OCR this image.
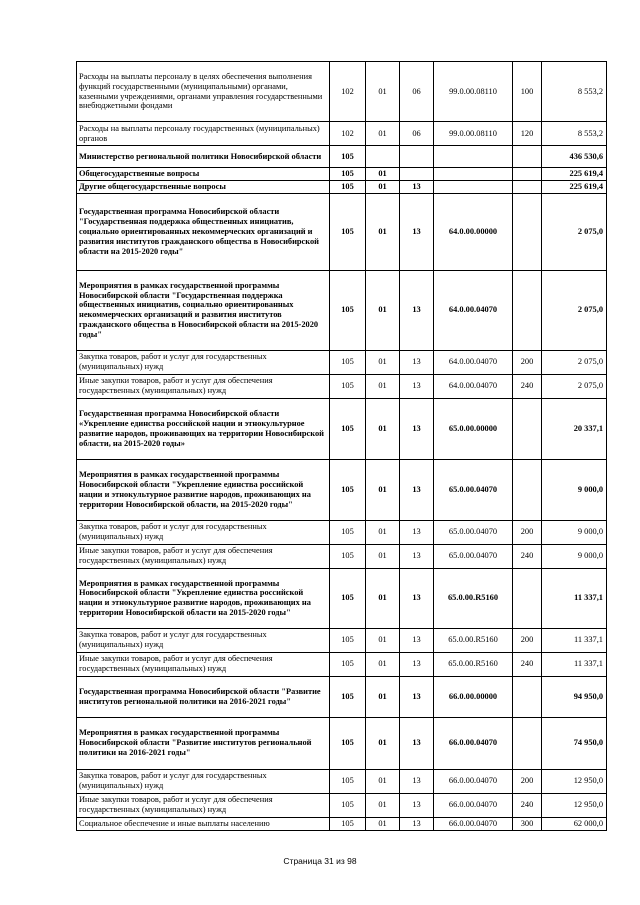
Расходы на выплаты персоналу в целях обеспечения выполнения функций государственными (муниципальными) органами, казенными учреждениями, органами управления государственными внебюджетными фондами	102	01	06	99.0.00.08110	100	8 553,2
Расходы на выплаты персоналу государственных (муниципальных) органов	102	01	06	99.0.00.08110	120	8 553,2
Министерство региональной политики Новосибирской области	105					436 530,6
Общегосударственные вопросы	105	01				225 619,4
Другие общегосударственные вопросы	105	01	13			225 619,4
Государственная программа Новосибирской области "Государственная поддержка общественных инициатив, социально ориентированных некоммерческих организаций и развития институтов гражданского общества в Новосибирской области на 2015-2020 годы"	105	01	13	64.0.00.00000		2 075,0
Мероприятия в рамках государственной программы Новосибирской области "Государственная поддержка общественных инициатив, социально ориентированных некоммерческих организаций и развития институтов гражданского общества в Новосибирской области на 2015-2020 годы"	105	01	13	64.0.00.04070		2 075,0
Закупка товаров, работ и услуг для государственных (муниципальных) нужд	105	01	13	64.0.00.04070	200	2 075,0
Иные закупки товаров, работ и услуг для обеспечения государственных (муниципальных) нужд	105	01	13	64.0.00.04070	240	2 075,0
Государственная программа Новосибирской области «Укрепление единства российской нации и этнокультурное развитие народов, проживающих на территории Новосибирской области, на 2015-2020 годы»	105	01	13	65.0.00.00000		20 337,1
Мероприятия в рамках государственной программы Новосибирской области "Укрепление единства российской нации и этнокультурное развитие народов, проживающих на территории Новосибирской области, на 2015-2020 годы"	105	01	13	65.0.00.04070		9 000,0
Закупка товаров, работ и услуг для государственных (муниципальных) нужд	105	01	13	65.0.00.04070	200	9 000,0
Иные закупки товаров, работ и услуг для обеспечения государственных (муниципальных) нужд	105	01	13	65.0.00.04070	240	9 000,0
Мероприятия в рамках государственной программы Новосибирской области "Укрепление единства российской нации и этнокультурное развитие народов, проживающих на территории Новосибирской области на 2015-2020 годы"	105	01	13	65.0.00.R5160		11 337,1
Закупка товаров, работ и услуг для государственных (муниципальных) нужд	105	01	13	65.0.00.R5160	200	11 337,1
Иные закупки товаров, работ и услуг для обеспечения государственных (муниципальных) нужд	105	01	13	65.0.00.R5160	240	11 337,1
Государственная программа Новосибирской области "Развитие институтов региональной политики на 2016-2021 годы"	105	01	13	66.0.00.00000		94 950,0
Мероприятия в рамках государственной программы Новосибирской области "Развитие институтов региональной политики на 2016-2021 годы"	105	01	13	66.0.00.04070		74 950,0
Закупка товаров, работ и услуг для государственных (муниципальных) нужд	105	01	13	66.0.00.04070	200	12 950,0
Иные закупки товаров, работ и услуг для обеспечения государственных (муниципальных) нужд	105	01	13	66.0.00.04070	240	12 950,0
Социальное обеспечение и иные выплаты населению	105	01	13	66.0.00.04070	300	62 000,0
Страница 31 из 98
